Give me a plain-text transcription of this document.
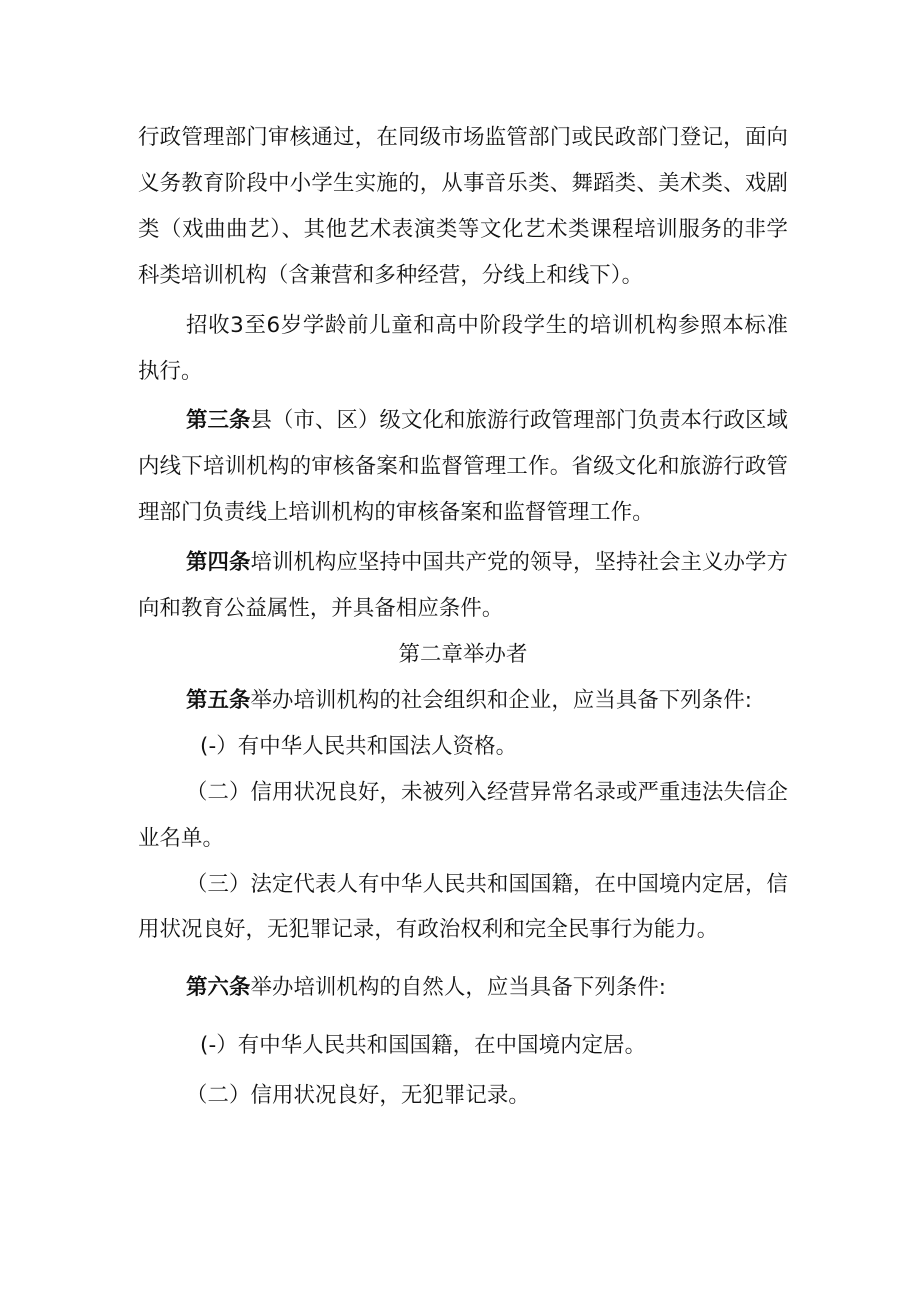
行政管理部门审核通过，在同级市场监管部门或民政部门登记，面向义务教育阶段中小学生实施的，从事音乐类、舞蹈类、美术类、戏剧类（戏曲曲艺）、其他艺术表演类等文化艺术类课程培训服务的非学科类培训机构（含兼营和多种经营，分线上和线下）。

招收3至6岁学龄前儿童和高中阶段学生的培训机构参照本标准执行。

第三条县（市、区）级文化和旅游行政管理部门负责本行政区域内线下培训机构的审核备案和监督管理工作。省级文化和旅游行政管理部门负责线上培训机构的审核备案和监督管理工作。

第四条培训机构应坚持中国共产党的领导，坚持社会主义办学方向和教育公益属性，并具备相应条件。

第二章举办者

第五条举办培训机构的社会组织和企业，应当具备下列条件:

(-）有中华人民共和国法人资格。

（二）信用状况良好，未被列入经营异常名录或严重违法失信企业名单。

（三）法定代表人有中华人民共和国国籍，在中国境内定居，信用状况良好，无犯罪记录，有政治权利和完全民事行为能力。

第六条举办培训机构的自然人，应当具备下列条件:

(-）有中华人民共和国国籍，在中国境内定居。

（二）信用状况良好，无犯罪记录。
